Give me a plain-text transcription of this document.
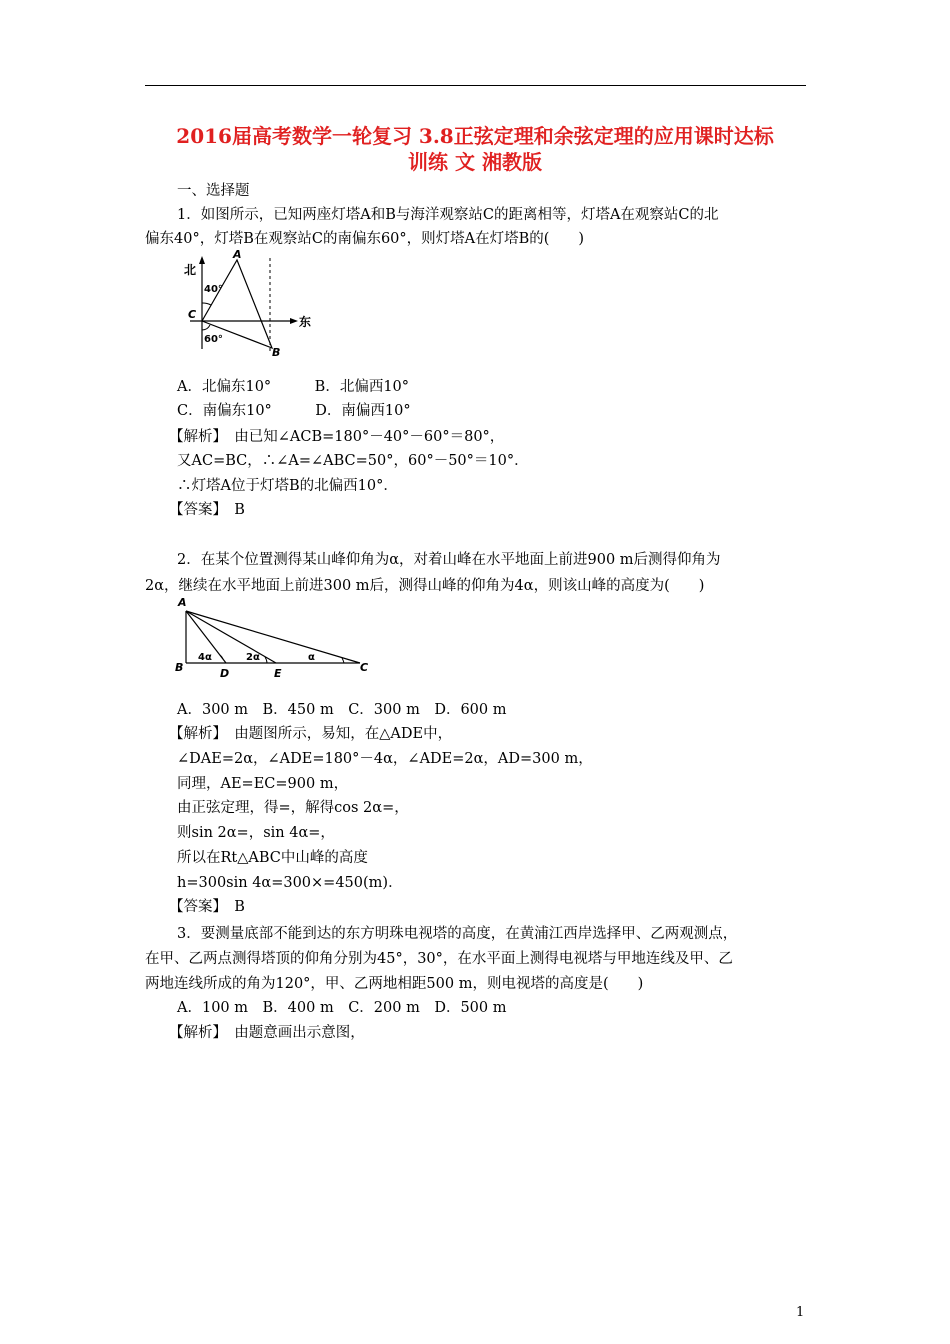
2016届高考数学一轮复习 3.8正弦定理和余弦定理的应用课时达标
训练 文 湘教版
一、选择题
1．如图所示，已知两座灯塔A和B与海洋观察站C的距离相等，灯塔A在观察站C的北
偏东40°，灯塔B在观察站C的南偏东60°，则灯塔A在灯塔B的(　　)
北
东
A
B
C
40°
60°
A．北偏东10°　　　B．北偏西10°
C．南偏东10°　　　D．南偏西10°
【解析】　由已知∠ACB=180°－40°－60°＝80°，
又AC=BC，∴∠A=∠ABC=50°，60°－50°＝10°．
∴灯塔A位于灯塔B的北偏西10°．
【答案】　B
2．在某个位置测得某山峰仰角为α，对着山峰在水平地面上前进900 m后测得仰角为
2α，继续在水平地面上前进300 m后，测得山峰的仰角为4α，则该山峰的高度为(　　)
A
B	C
D	E
4α	2α	α
A．300 m　B．450 m　C．300 m　D．600 m
【解析】　由题图所示，易知，在△ADE中，
∠DAE=2α，∠ADE=180°－4α，∠ADE=2α，AD=300 m，
同理，AE=EC=900 m，
由正弦定理，得=，解得cos 2α=，
则sin 2α=，sin 4α=，
所以在Rt△ABC中山峰的高度
h=300sin 4α=300×=450(m)．
【答案】　B
3．要测量底部不能到达的东方明珠电视塔的高度，在黄浦江西岸选择甲、乙两观测点，
在甲、乙两点测得塔顶的仰角分别为45°，30°，在水平面上测得电视塔与甲地连线及甲、乙
两地连线所成的角为120°，甲、乙两地相距500 m，则电视塔的高度是(　　)
A．100 m　B．400 m　C．200 m　D．500 m
【解析】　由题意画出示意图，
1
